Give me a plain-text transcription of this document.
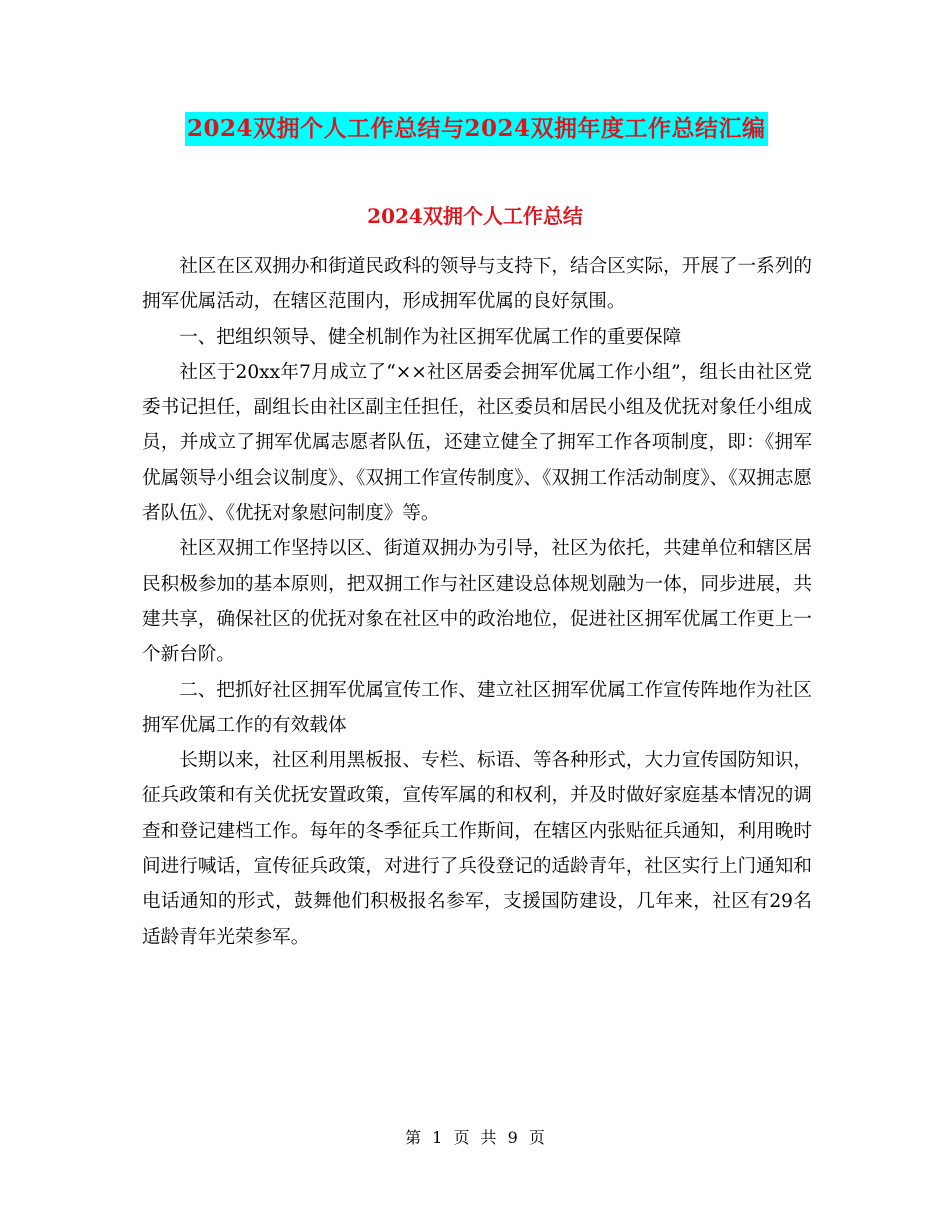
2024双拥个人工作总结与2024双拥年度工作总结汇编
2024双拥个人工作总结

社区在区双拥办和街道民政科的领导与支持下，结合区实际，开展了一系列的拥军优属活动，在辖区范围内，形成拥军优属的良好氛围。

一、把组织领导、健全机制作为社区拥军优属工作的重要保障

社区于20xx年7月成立了“××社区居委会拥军优属工作小组”，组长由社区党委书记担任，副组长由社区副主任担任，社区委员和居民小组及优抚对象任小组成员，并成立了拥军优属志愿者队伍，还建立健全了拥军工作各项制度，即：《拥军优属领导小组会议制度》、《双拥工作宣传制度》、《双拥工作活动制度》、《双拥志愿者队伍》、《优抚对象慰问制度》等。

社区双拥工作坚持以区、街道双拥办为引导，社区为依托，共建单位和辖区居民积极参加的基本原则，把双拥工作与社区建设总体规划融为一体，同步进展，共建共享，确保社区的优抚对象在社区中的政治地位，促进社区拥军优属工作更上一个新台阶。

二、把抓好社区拥军优属宣传工作、建立社区拥军优属工作宣传阵地作为社区拥军优属工作的有效载体

长期以来，社区利用黑板报、专栏、标语、等各种形式，大力宣传国防知识，征兵政策和有关优抚安置政策，宣传军属的和权利，并及时做好家庭基本情况的调查和登记建档工作。每年的冬季征兵工作斯间，在辖区内张贴征兵通知，利用晚时间进行喊话，宣传征兵政策，对进行了兵役登记的适龄青年，社区实行上门通知和电话通知的形式，鼓舞他们积极报名参军，支援国防建设，几年来，社区有29名适龄青年光荣参军。

第 1 页 共 9 页
